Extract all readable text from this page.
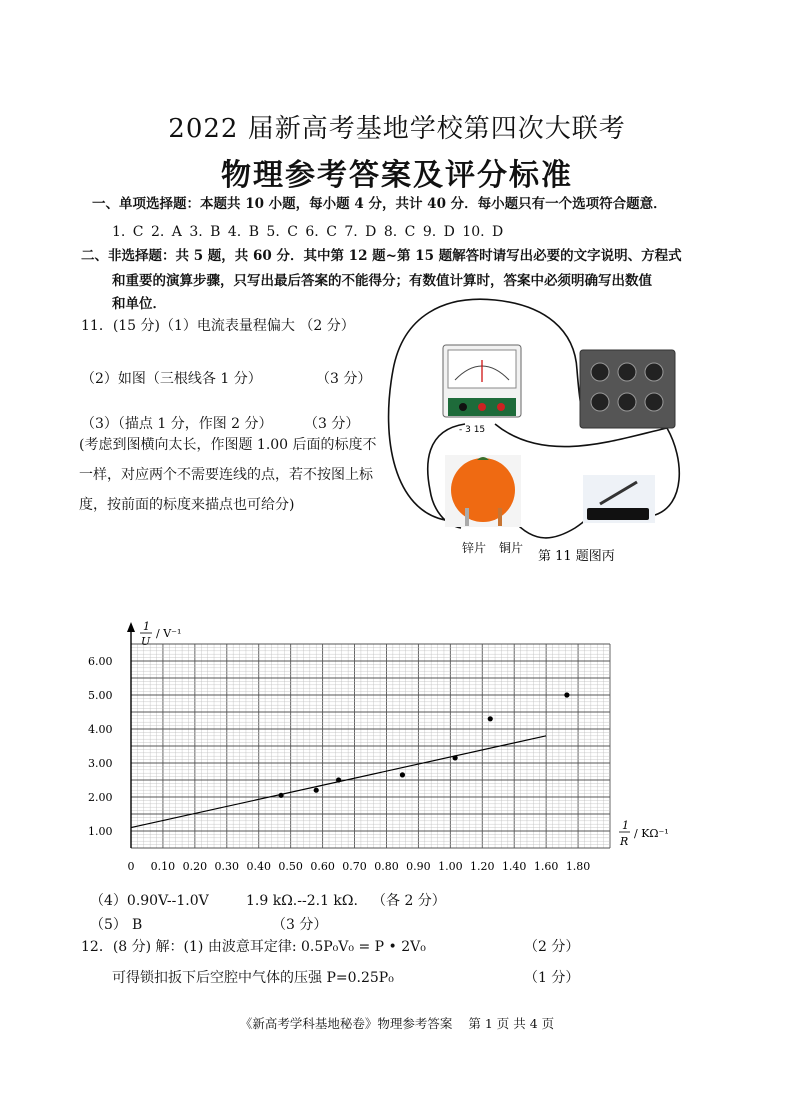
2022 届新高考基地学校第四次大联考
物理参考答案及评分标准
一、单项选择题：本题共 10 小题，每小题 4 分，共计 40 分．每小题只有一个选项符合题意．
1. C 2. A 3. B 4. B 5. C 6. C 7. D 8. C 9. D 10. D
二、非选择题：共 5 题，共 60 分．其中第 12 题~第 15 题解答时请写出必要的文字说明、方程式
和重要的演算步骤，只写出最后答案的不能得分；有数值计算时，答案中必须明确写出数值
和单位．
11．(15 分)（1）电流表量程偏大 （2 分）
（2）如图（三根线各 1 分）	（3 分）
（3）（描点 1 分，作图 2 分） （3 分）
(考虑到图横向太长，作图题 1.00 后面的标度不一样，对应两个不需要连线的点，若不按图上标度，按前面的标度来描点也可给分)
- 3 15
锌片 铜片
第 11 题图丙
0 0.10 0.20 0.30 0.40 0.50 0.60 0.70 0.80 0.90 1.00 1.20 1.40 1.60 1.80
1.00
2.00
3.00
4.00
5.00
6.00
1
U
/ V⁻¹
1
R
/ KΩ⁻¹
（4）0.90V--1.0V	1.9 kΩ.--2.1 kΩ. （各 2 分）
（5） B	（3 分）
12．(8 分) 解：(1) 由波意耳定律: 0.5P₀V₀ = P • 2V₀	（2 分）
可得锁扣扳下后空腔中气体的压强 P=0.25P₀	（1 分）
《新高考学科基地秘卷》物理参考答案 第 1 页 共 4 页
